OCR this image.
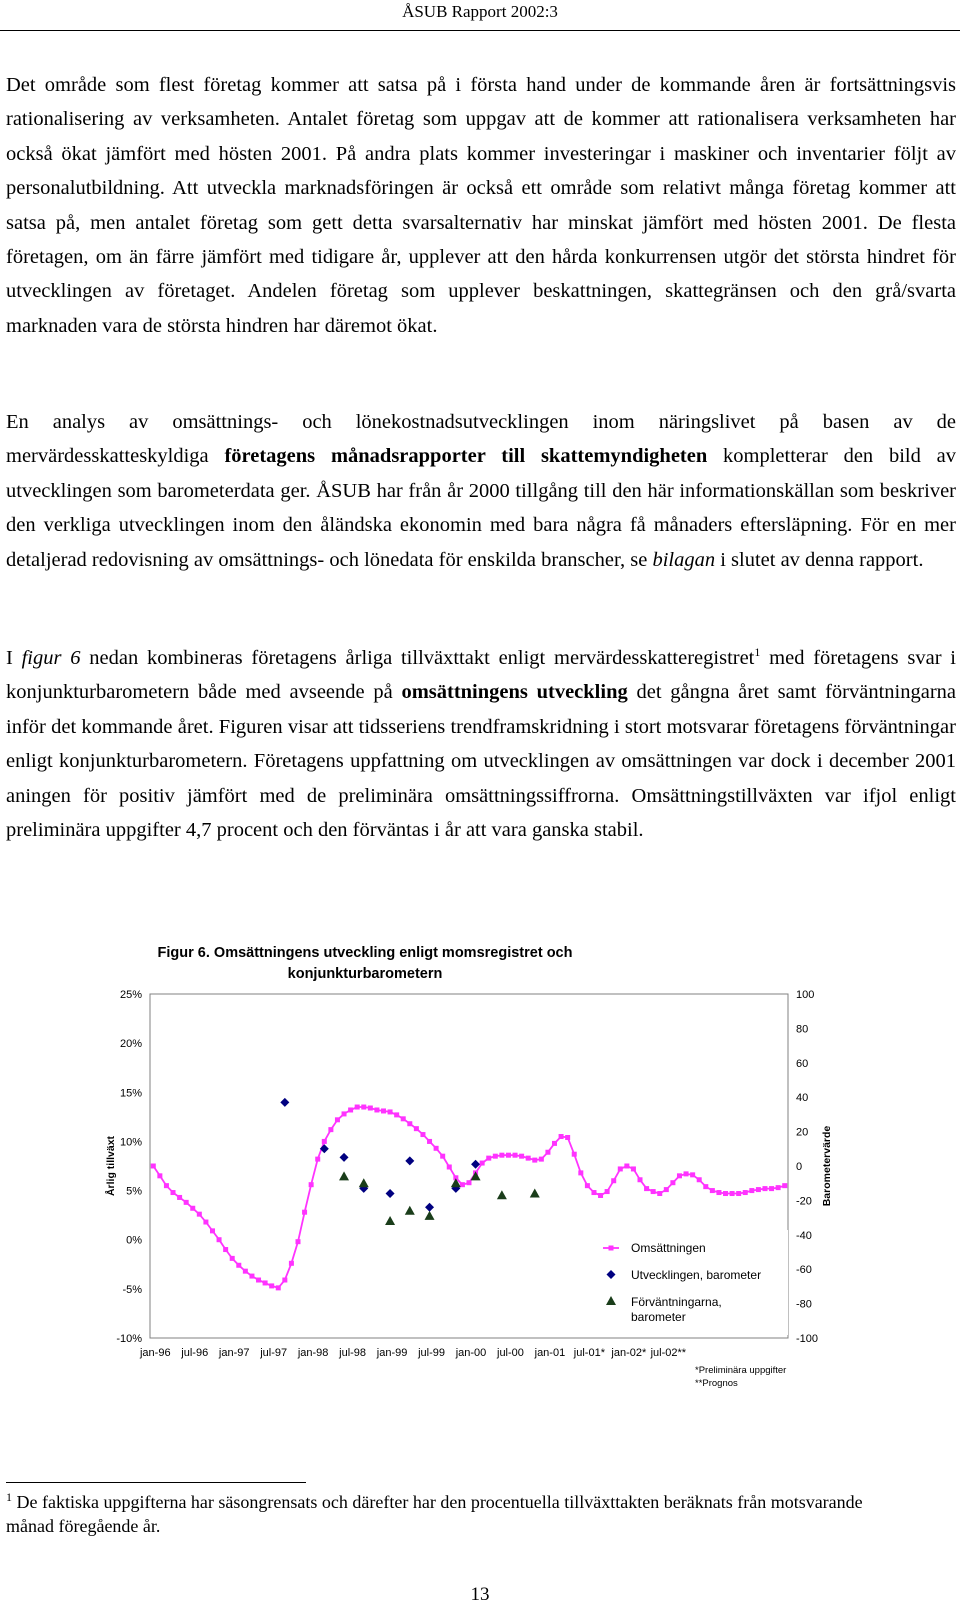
ÅSUB Rapport 2002:3

Det område som flest företag kommer att satsa på i första hand under de kommande åren är fortsättningsvis rationalisering av verksamheten. Antalet företag som uppgav att de kommer att rationalisera verksamheten har också ökat jämfört med hösten 2001. På andra plats kommer investeringar i maskiner och inventarier följt av personalutbildning. Att utveckla marknadsföringen är också ett område som relativt många företag kommer att satsa på, men antalet företag som gett detta svarsalternativ har minskat jämfört med hösten 2001. De flesta företagen, om än färre jämfört med tidigare år, upplever att den hårda konkurrensen utgör det största hindret för utvecklingen av företaget. Andelen företag som upplever beskattningen, skattegränsen och den grå/svarta marknaden vara de största hindren har däremot ökat.

En analys av omsättnings- och lönekostnadsutvecklingen inom näringslivet på basen av de mervärdesskatteskyldiga företagens månadsrapporter till skattemyndigheten kompletterar den bild av utvecklingen som barometerdata ger. ÅSUB har från år 2000 tillgång till den här informationskällan som beskriver den verkliga utvecklingen inom den åländska ekonomin med bara några få månaders eftersläpning. För en mer detaljerad redovisning av omsättnings- och lönedata för enskilda branscher, se bilagan i slutet av denna rapport.

I figur 6 nedan kombineras företagens årliga tillväxttakt enligt mervärdesskatteregistret$^1$ med företagens svar i konjunkturbarometern både med avseende på omsättningens utveckling det gångna året samt förväntningarna inför det kommande året. Figuren visar att tidsseriens trendframskridning i stort motsvarar företagens förväntningar enligt konjunkturbarometern. Företagens uppfattning om utvecklingen av omsättningen var dock i december 2001 aningen för positiv jämfört med de preliminära omsättningssiffrorna. Omsättningstillväxten var ifjol enligt preliminära uppgifter 4,7 procent och den förväntas i år att vara ganska stabil.

Figur 6. Omsättningens utveckling enligt momsregistret och
konjunkturbarometern
25%
20%
15%
10%
5%
0%
-5%
-10%
100
80
60
40
20
0
-20
-40
-60
-80
-100
jan-96 jul-96 jan-97 jul-97 jan-98 jul-98 jan-99 jul-99 jan-00 jul-00 jan-01 jul-01* jan-02* jul-02**
Årlig tillväxt	Barometervärde
*Preliminära uppgifter
**Prognos
Omsättningen
Utvecklingen, barometer
Förväntningarna,
barometer

$^1$ De faktiska uppgifterna har säsongrensats och därefter har den procentuella tillväxttakten beräknats från motsvarande månad föregående år.

13
